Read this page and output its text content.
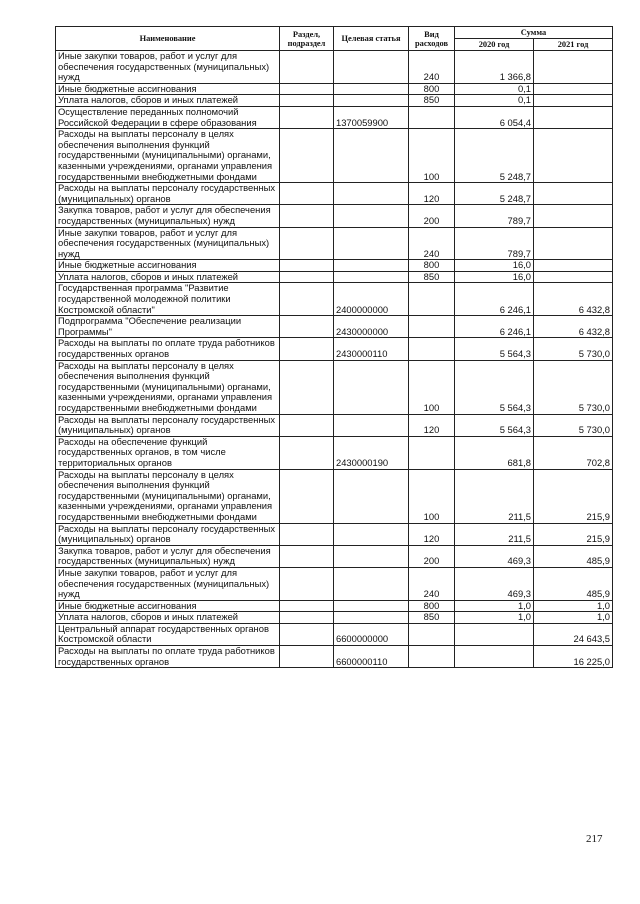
Наименование	Раздел, подраздел	Целевая статья	Вид расходов	Сумма	
				2020 год	2021 год
Иные закупки товаров, работ и услуг для обеспечения государственных (муниципальных) нужд			240	1 366,8	
Иные бюджетные ассигнования			800	0,1	
Уплата налогов, сборов и иных платежей			850	0,1	
Осуществление переданных полномочий Российской Федерации в сфере образования		1370059900		6 054,4	
Расходы на выплаты персоналу в целях обеспечения выполнения функций государственными (муниципальными) органами, казенными учреждениями, органами управления государственными внебюджетными фондами			100	5 248,7	
Расходы на выплаты персоналу государственных (муниципальных) органов			120	5 248,7	
Закупка товаров, работ и услуг для обеспечения государственных (муниципальных) нужд			200	789,7	
Иные закупки товаров, работ и услуг для обеспечения государственных (муниципальных) нужд			240	789,7	
Иные бюджетные ассигнования			800	16,0	
Уплата налогов, сборов и иных платежей			850	16,0	
Государственная программа "Развитие государственной молодежной политики Костромской области"		2400000000		6 246,1	6 432,8
Подпрограмма "Обеспечение реализации Программы"		2430000000		6 246,1	6 432,8
Расходы на выплаты по оплате труда работников государственных органов		2430000110		5 564,3	5 730,0
Расходы на выплаты персоналу в целях обеспечения выполнения функций государственными (муниципальными) органами, казенными учреждениями, органами управления государственными внебюджетными фондами			100	5 564,3	5 730,0
Расходы на выплаты персоналу государственных (муниципальных) органов			120	5 564,3	5 730,0
Расходы на обеспечение функций государственных органов, в том числе территориальных органов		2430000190		681,8	702,8
Расходы на выплаты персоналу в целях обеспечения выполнения функций государственными (муниципальными) органами, казенными учреждениями, органами управления государственными внебюджетными фондами			100	211,5	215,9
Расходы на выплаты персоналу государственных (муниципальных) органов			120	211,5	215,9
Закупка товаров, работ и услуг для обеспечения государственных (муниципальных) нужд			200	469,3	485,9
Иные закупки товаров, работ и услуг для обеспечения государственных (муниципальных) нужд			240	469,3	485,9
Иные бюджетные ассигнования			800	1,0	1,0
Уплата налогов, сборов и иных платежей			850	1,0	1,0
Центральный аппарат государственных органов Костромской области		6600000000			24 643,5
Расходы на выплаты по оплате труда работников государственных органов		6600000110			16 225,0
217
